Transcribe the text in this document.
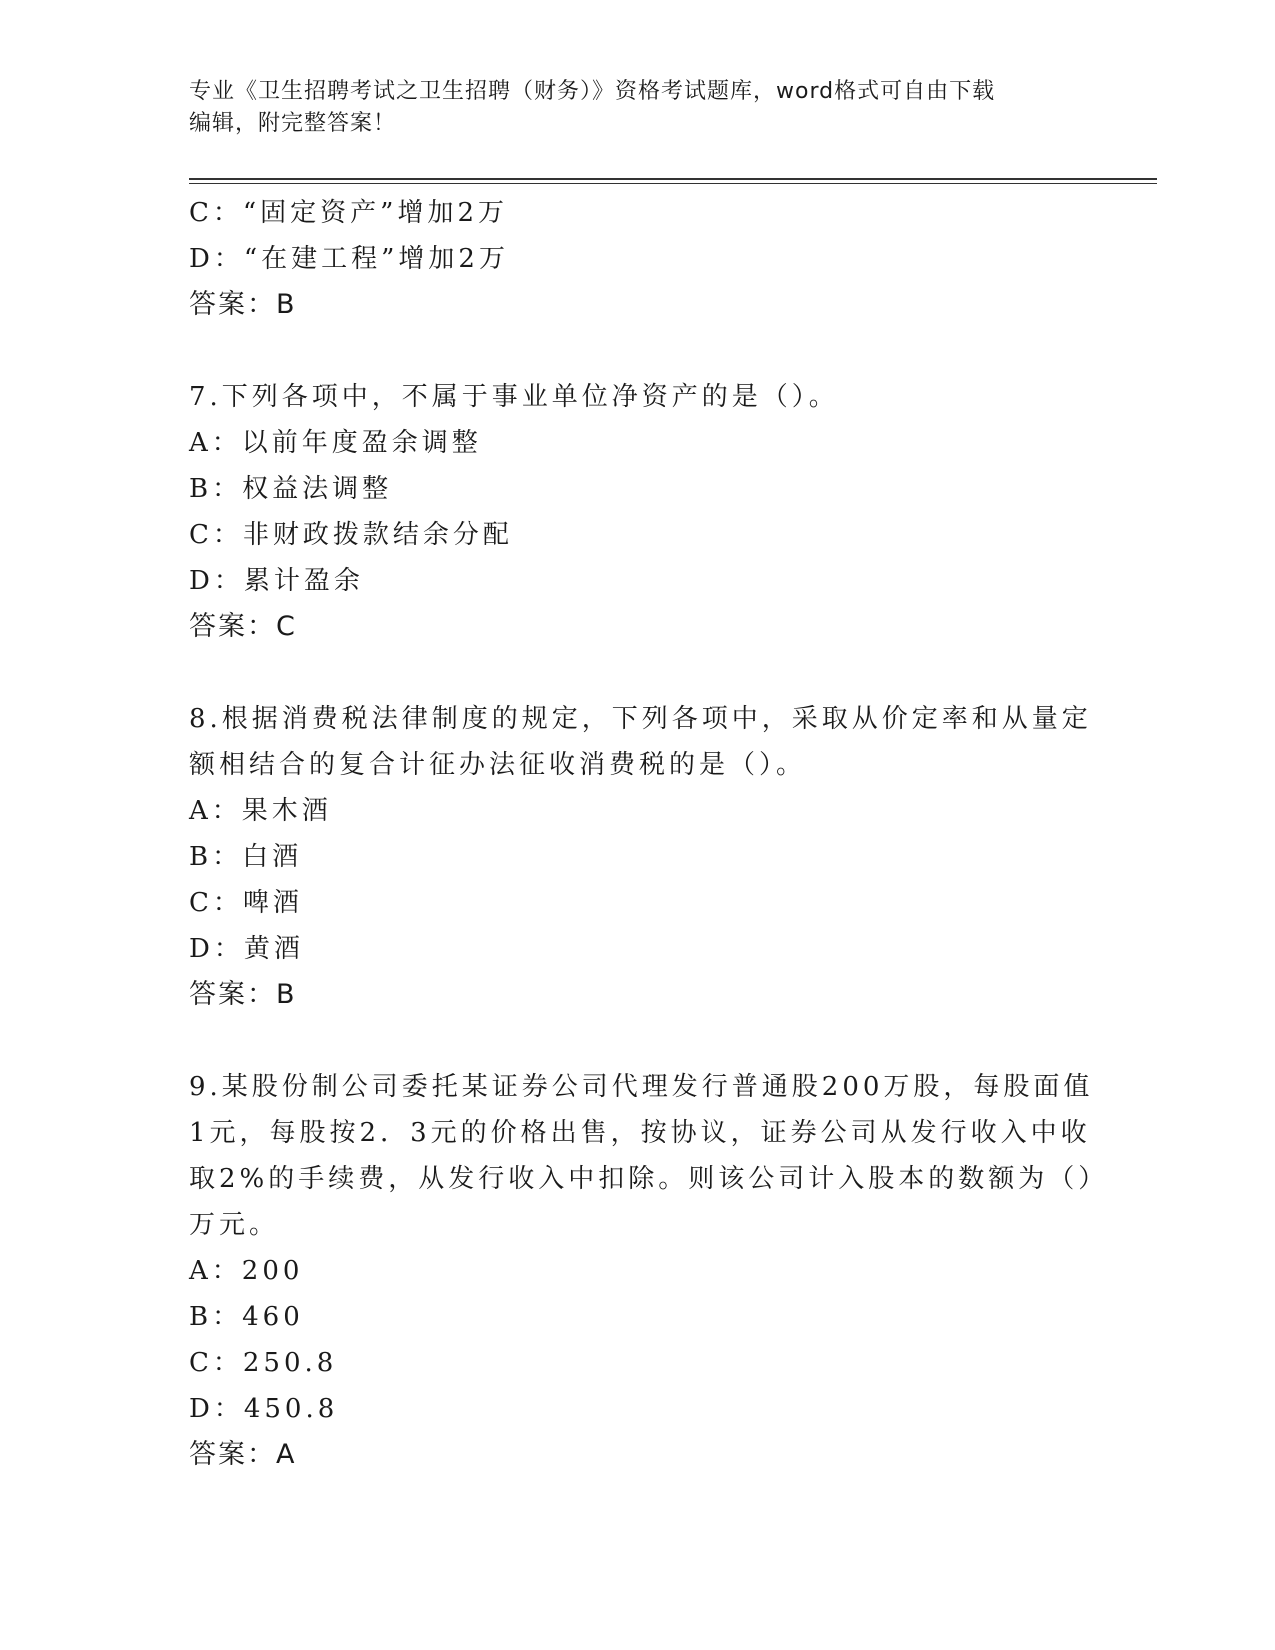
专业《卫生招聘考试之卫生招聘（财务）》资格考试题库，word格式可自由下载
编辑，附完整答案！
C：“固定资产”增加2万
D：“在建工程”增加2万
答案：B
7.下列各项中，不属于事业单位净资产的是（）。
A：以前年度盈余调整
B：权益法调整
C：非财政拨款结余分配
D：累计盈余
答案：C
8.根据消费税法律制度的规定，下列各项中，采取从价定率和从量定
额相结合的复合计征办法征收消费税的是（）。
A：果木酒
B：白酒
C：啤酒
D：黄酒
答案：B
9.某股份制公司委托某证券公司代理发行普通股200万股，每股面值
1元，每股按2．3元的价格出售，按协议，证券公司从发行收入中收
取2%的手续费，从发行收入中扣除。则该公司计入股本的数额为（）
万元。
A：200
B：460
C：250.8
D：450.8
答案：A
